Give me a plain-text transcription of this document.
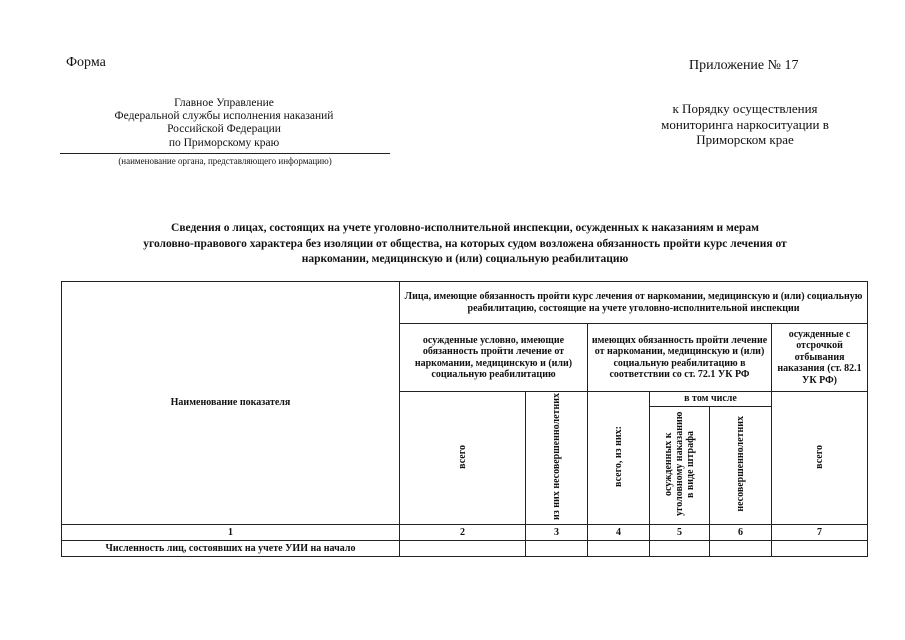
Форма	Приложение № 17
Главное Управление
Федеральной службы исполнения наказаний
Российской Федерации
по Приморскому краю
(наименование органа, представляющего информацию)
к Порядку осуществления
мониторинга наркоситуации в
Приморском крае
Сведения о лицах, состоящих на учете уголовно-исполнительной инспекции, осужденных к наказаниям и мерам
уголовно-правового характера без изоляции от общества, на которых судом возложена обязанность пройти курс лечения от
наркомании, медицинскую и (или) социальную реабилитацию
Наименование показателя	Лица, имеющие обязанность пройти курс лечения от наркомании, медицинскую и (или) социальную реабилитацию, состоящие на учете уголовно-исполнительной инспекции					
	осужденные условно, имеющие обязанность пройти лечение от наркомании, медицинскую и (или) социальную реабилитацию		имеющих обязанность пройти лечение от наркомании, медицинскую и (или) социальную реабилитацию в соответствии со ст. 72.1 УК РФ			осужденные с отсрочкой отбывания наказания (ст. 82.1 УК РФ)
	всего	из них несовершеннолетних	всего, из них:	в том числе		всего
				осужденных к уголовному наказанию в виде штрафа	несовершеннолетних	
1	2	3	4	5	6	7
Численность лиц, состоявших на учете УИИ на начало						
